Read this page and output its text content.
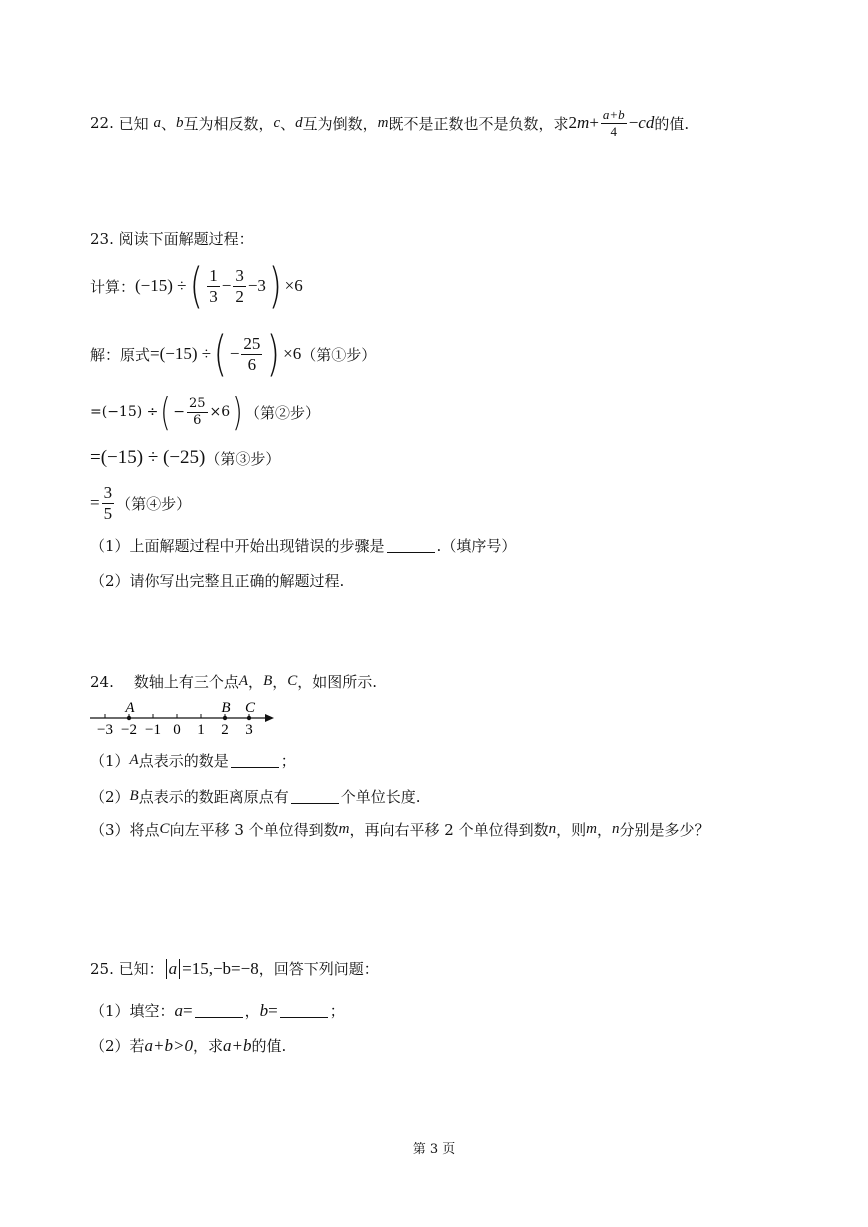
22.
已知
a 、 b 互为相反数， c 、 d 互为倒数， m 既不是正数也不是负数，求 2 $m + \frac{a+b}{4}$ − cd 的值.
23. 阅读下面解题过程：
计算： (−15) ÷ ( $\frac{1}{3} - \frac{3}{2} -3$ ) ×6
解：原式 =(−15) ÷ ( − $\frac{25}{6}$ ) ×6 （第①步）
=(−15) ÷ ( − $\frac{25}{6} \times 6$ ) （第②步）
=(−15) ÷ (−25) （第③步）
= $\frac{3}{5}$ （第④步）
（1）上面解题过程中开始出现错误的步骤是	.（填序号）
（2）请你写出完整且正确的解题过程.
24. 数轴上有三个点 A ， B ， C ，如图所示.
−3 −2 −1 0 1 2 3
A	B C
（1） A 点表示的数是	；
（2） B 点表示的数距离原点有	个单位长度.
（3）将点 C 向左平移 3 个单位得到数 m ，再向右平移 2 个单位得到数 n ，则 m ， n 分别是多少？
25. 已知： a =15,−b=−8 ，回答下列问题：
（1）填空： a =	， b =	；
（2）若 a+b>0 ，求 a+b 的值.
第 3 页
